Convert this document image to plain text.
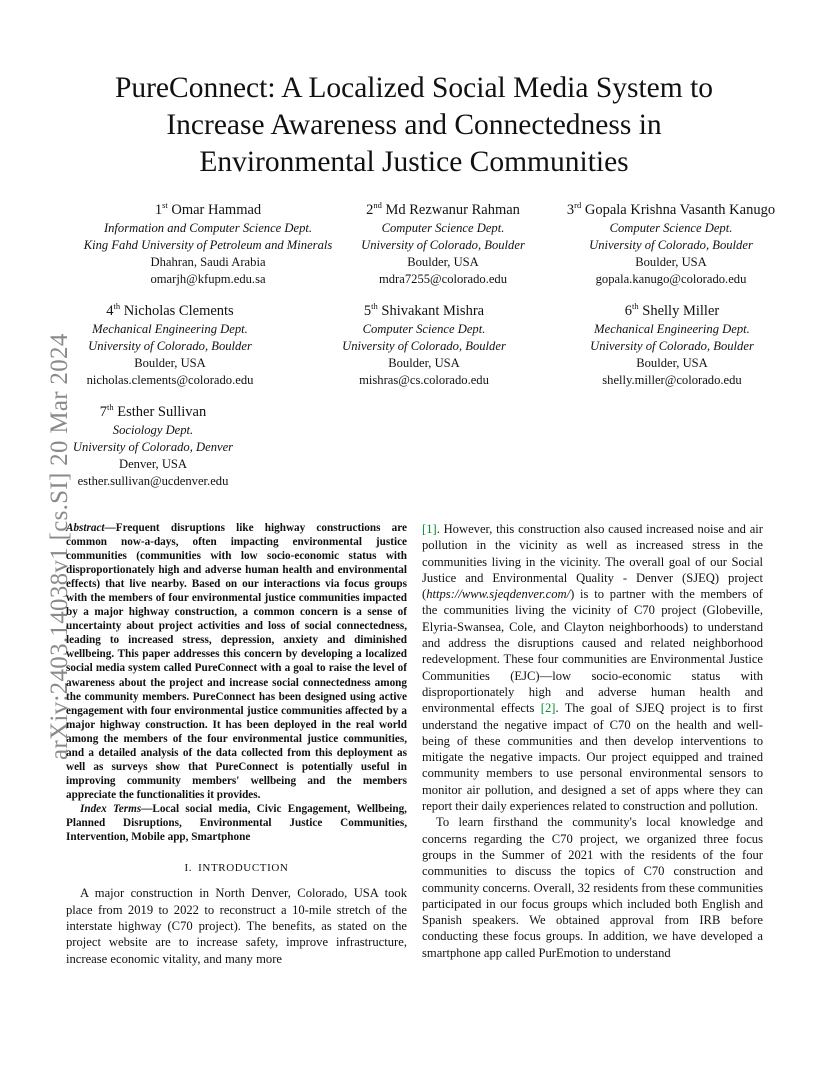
arXiv:2403.14038v1 [cs.SI] 20 Mar 2024
PureConnect: A Localized Social Media System to
Increase Awareness and Connectedness in
Environmental Justice Communities
1st Omar Hammad
Information and Computer Science Dept.
King Fahd University of Petroleum and Minerals
Dhahran, Saudi Arabia
omarjh@kfupm.edu.sa
2nd Md Rezwanur Rahman
Computer Science Dept.
University of Colorado, Boulder
Boulder, USA
mdra7255@colorado.edu
3rd Gopala Krishna Vasanth Kanugo
Computer Science Dept.
University of Colorado, Boulder
Boulder, USA
gopala.kanugo@colorado.edu
4th Nicholas Clements
Mechanical Engineering Dept.
University of Colorado, Boulder
Boulder, USA
nicholas.clements@colorado.edu
5th Shivakant Mishra
Computer Science Dept.
University of Colorado, Boulder
Boulder, USA
mishras@cs.colorado.edu
6th Shelly Miller
Mechanical Engineering Dept.
University of Colorado, Boulder
Boulder, USA
shelly.miller@colorado.edu
7th Esther Sullivan
Sociology Dept.
University of Colorado, Denver
Denver, USA
esther.sullivan@ucdenver.edu

Abstract—Frequent disruptions like highway constructions are common now-a-days, often impacting environmental justice communities (communities with low socio-economic status with disproportionately high and adverse human health and environmental effects) that live nearby. Based on our interactions via focus groups with the members of four environmental justice communities impacted by a major highway construction, a common concern is a sense of uncertainty about project activities and loss of social connectedness, leading to increased stress, depression, anxiety and diminished wellbeing. This paper addresses this concern by developing a localized social media system called PureConnect with a goal to raise the level of awareness about the project and increase social connectedness among the community members. PureConnect has been designed using active engagement with four environmental justice communities affected by a major highway construction. It has been deployed in the real world among the members of the four environmental justice communities, and a detailed analysis of the data collected from this deployment as well as surveys show that PureConnect is potentially useful in improving community members' wellbeing and the members appreciate the functionalities it provides.

Index Terms—Local social media, Civic Engagement, Wellbeing, Planned Disruptions, Environmental Justice Communities, Intervention, Mobile app, Smartphone

I. INTRODUCTION

A major construction in North Denver, Colorado, USA took place from 2019 to 2022 to reconstruct a 10-mile stretch of the interstate highway (C70 project). The benefits, as stated on the project website are to increase safety, improve infrastructure, increase economic vitality, and many more

[1]. However, this construction also caused increased noise and air pollution in the vicinity as well as increased stress in the communities living in the vicinity. The overall goal of our Social Justice and Environmental Quality - Denver (SJEQ) project (https://www.sjeqdenver.com/) is to partner with the members of the communities living the vicinity of C70 project (Globeville, Elyria-Swansea, Cole, and Clayton neighborhoods) to understand and address the disruptions caused and related neighborhood redevelopment. These four communities are Environmental Justice Communities (EJC)—low socio-economic status with disproportionately high and adverse human health and environmental effects [2]. The goal of SJEQ project is to first understand the negative impact of C70 on the health and well-being of these communities and then develop interventions to mitigate the negative impacts. Our project equipped and trained community members to use personal environmental sensors to monitor air pollution, and designed a set of apps where they can report their daily experiences related to construction and pollution.

To learn firsthand the community's local knowledge and concerns regarding the C70 project, we organized three focus groups in the Summer of 2021 with the residents of the four communities to discuss the topics of C70 construction and community concerns. Overall, 32 residents from these communities participated in our focus groups which included both English and Spanish speakers. We obtained approval from IRB before conducting these focus groups. In addition, we have developed a smartphone app called PurEmotion to understand
